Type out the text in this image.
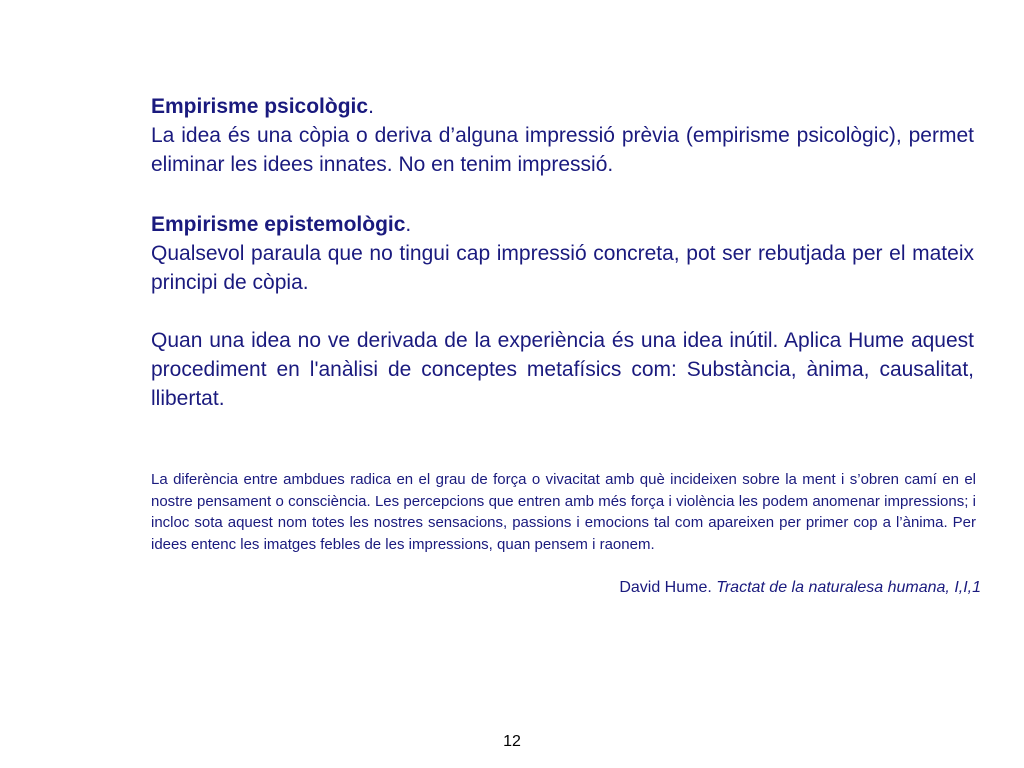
Empirisme psicològic.

La idea és una còpia o deriva d’alguna impressió prèvia (empirisme psicològic), permet eliminar les idees innates. No en tenim impressió.

Empirisme epistemològic.

Qualsevol paraula que no tingui cap impressió concreta, pot ser rebutjada per el mateix principi de còpia.

Quan una idea no ve derivada de la experiència és una idea inútil. Aplica Hume aquest procediment en l'anàlisi de conceptes metafísics com: Substància, ànima, causalitat, llibertat.

La diferència entre ambdues radica en el grau de força o vivacitat amb què incideixen sobre la ment i s’obren camí en el nostre pensament o consciència. Les percepcions que entren amb més força i violència les podem anomenar impressions; i incloc sota aquest nom totes les nostres sensacions, passions i emocions tal com apareixen per primer cop a l’ànima. Per idees entenc les imatges febles de les impressions, quan pensem i raonem.

David Hume. Tractat de la naturalesa humana, I,I,1
12
